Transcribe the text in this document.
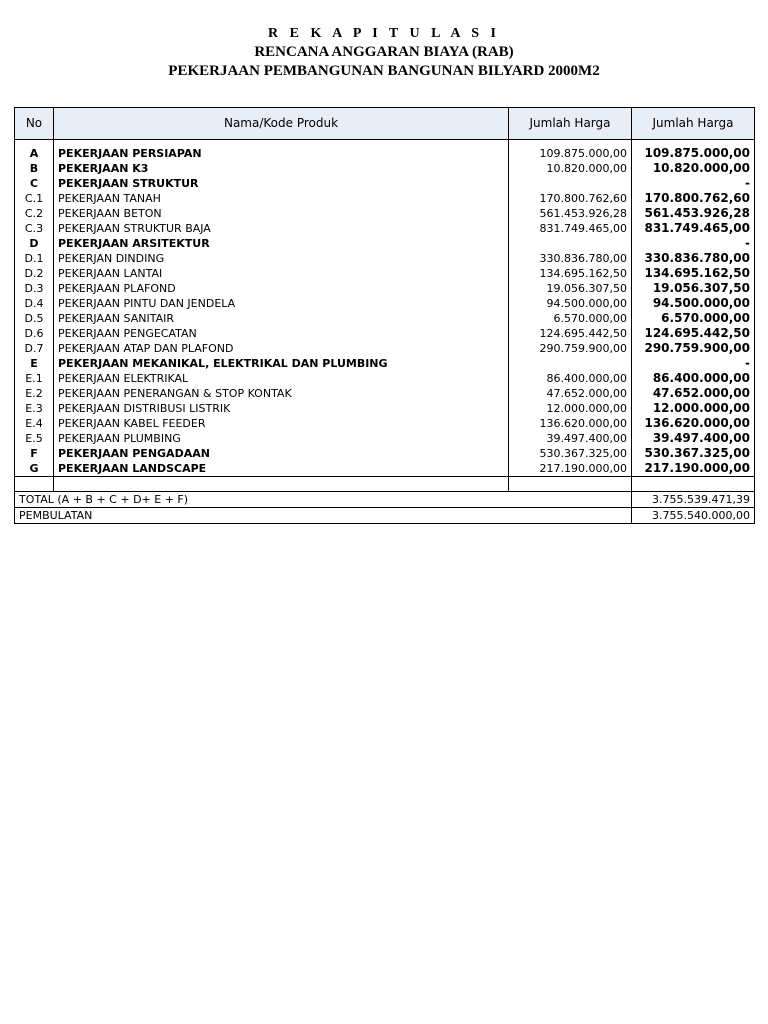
R E K A P I T U L A S I
RENCANA ANGGARAN BIAYA (RAB)
PEKERJAAN PEMBANGUNAN BANGUNAN BILYARD 2000M2
No	Nama/Kode Produk	Jumlah Harga	Jumlah Harga

A	PEKERJAAN PERSIAPAN	109.875.000,00	109.875.000,00
B	PEKERJAAN K3	10.820.000,00	10.820.000,00
C	PEKERJAAN STRUKTUR		-
C.1	PEKERJAAN TANAH	170.800.762,60	170.800.762,60
C.2	PEKERJAAN BETON	561.453.926,28	561.453.926,28
C.3	PEKERJAAN STRUKTUR BAJA	831.749.465,00	831.749.465,00
D	PEKERJAAN ARSITEKTUR		-
D.1	PEKERJAN DINDING	330.836.780,00	330.836.780,00
D.2	PEKERJAAN LANTAI	134.695.162,50	134.695.162,50
D.3	PEKERJAAN PLAFOND	19.056.307,50	19.056.307,50
D.4	PEKERJAAN PINTU DAN JENDELA	94.500.000,00	94.500.000,00
D.5	PEKERJAAN SANITAIR	6.570.000,00	6.570.000,00
D.6	PEKERJAAN PENGECATAN	124.695.442,50	124.695.442,50
D.7	PEKERJAAN ATAP DAN PLAFOND	290.759.900,00	290.759.900,00
E	PEKERJAAN MEKANIKAL, ELEKTRIKAL DAN PLUMBING		-
E.1	PEKERJAAN ELEKTRIKAL	86.400.000,00	86.400.000,00
E.2	PEKERJAAN PENERANGAN & STOP KONTAK	47.652.000,00	47.652.000,00
E.3	PEKERJAAN DISTRIBUSI LISTRIK	12.000.000,00	12.000.000,00
E.4	PEKERJAAN KABEL FEEDER	136.620.000,00	136.620.000,00
E.5	PEKERJAAN PLUMBING	39.497.400,00	39.497.400,00
F	PEKERJAAN PENGADAAN	530.367.325,00	530.367.325,00
G	PEKERJAAN LANDSCAPE	217.190.000,00	217.190.000,00

TOTAL (A + B + C + D+ E + F)			3.755.539.471,39
PEMBULATAN			3.755.540.000,00
